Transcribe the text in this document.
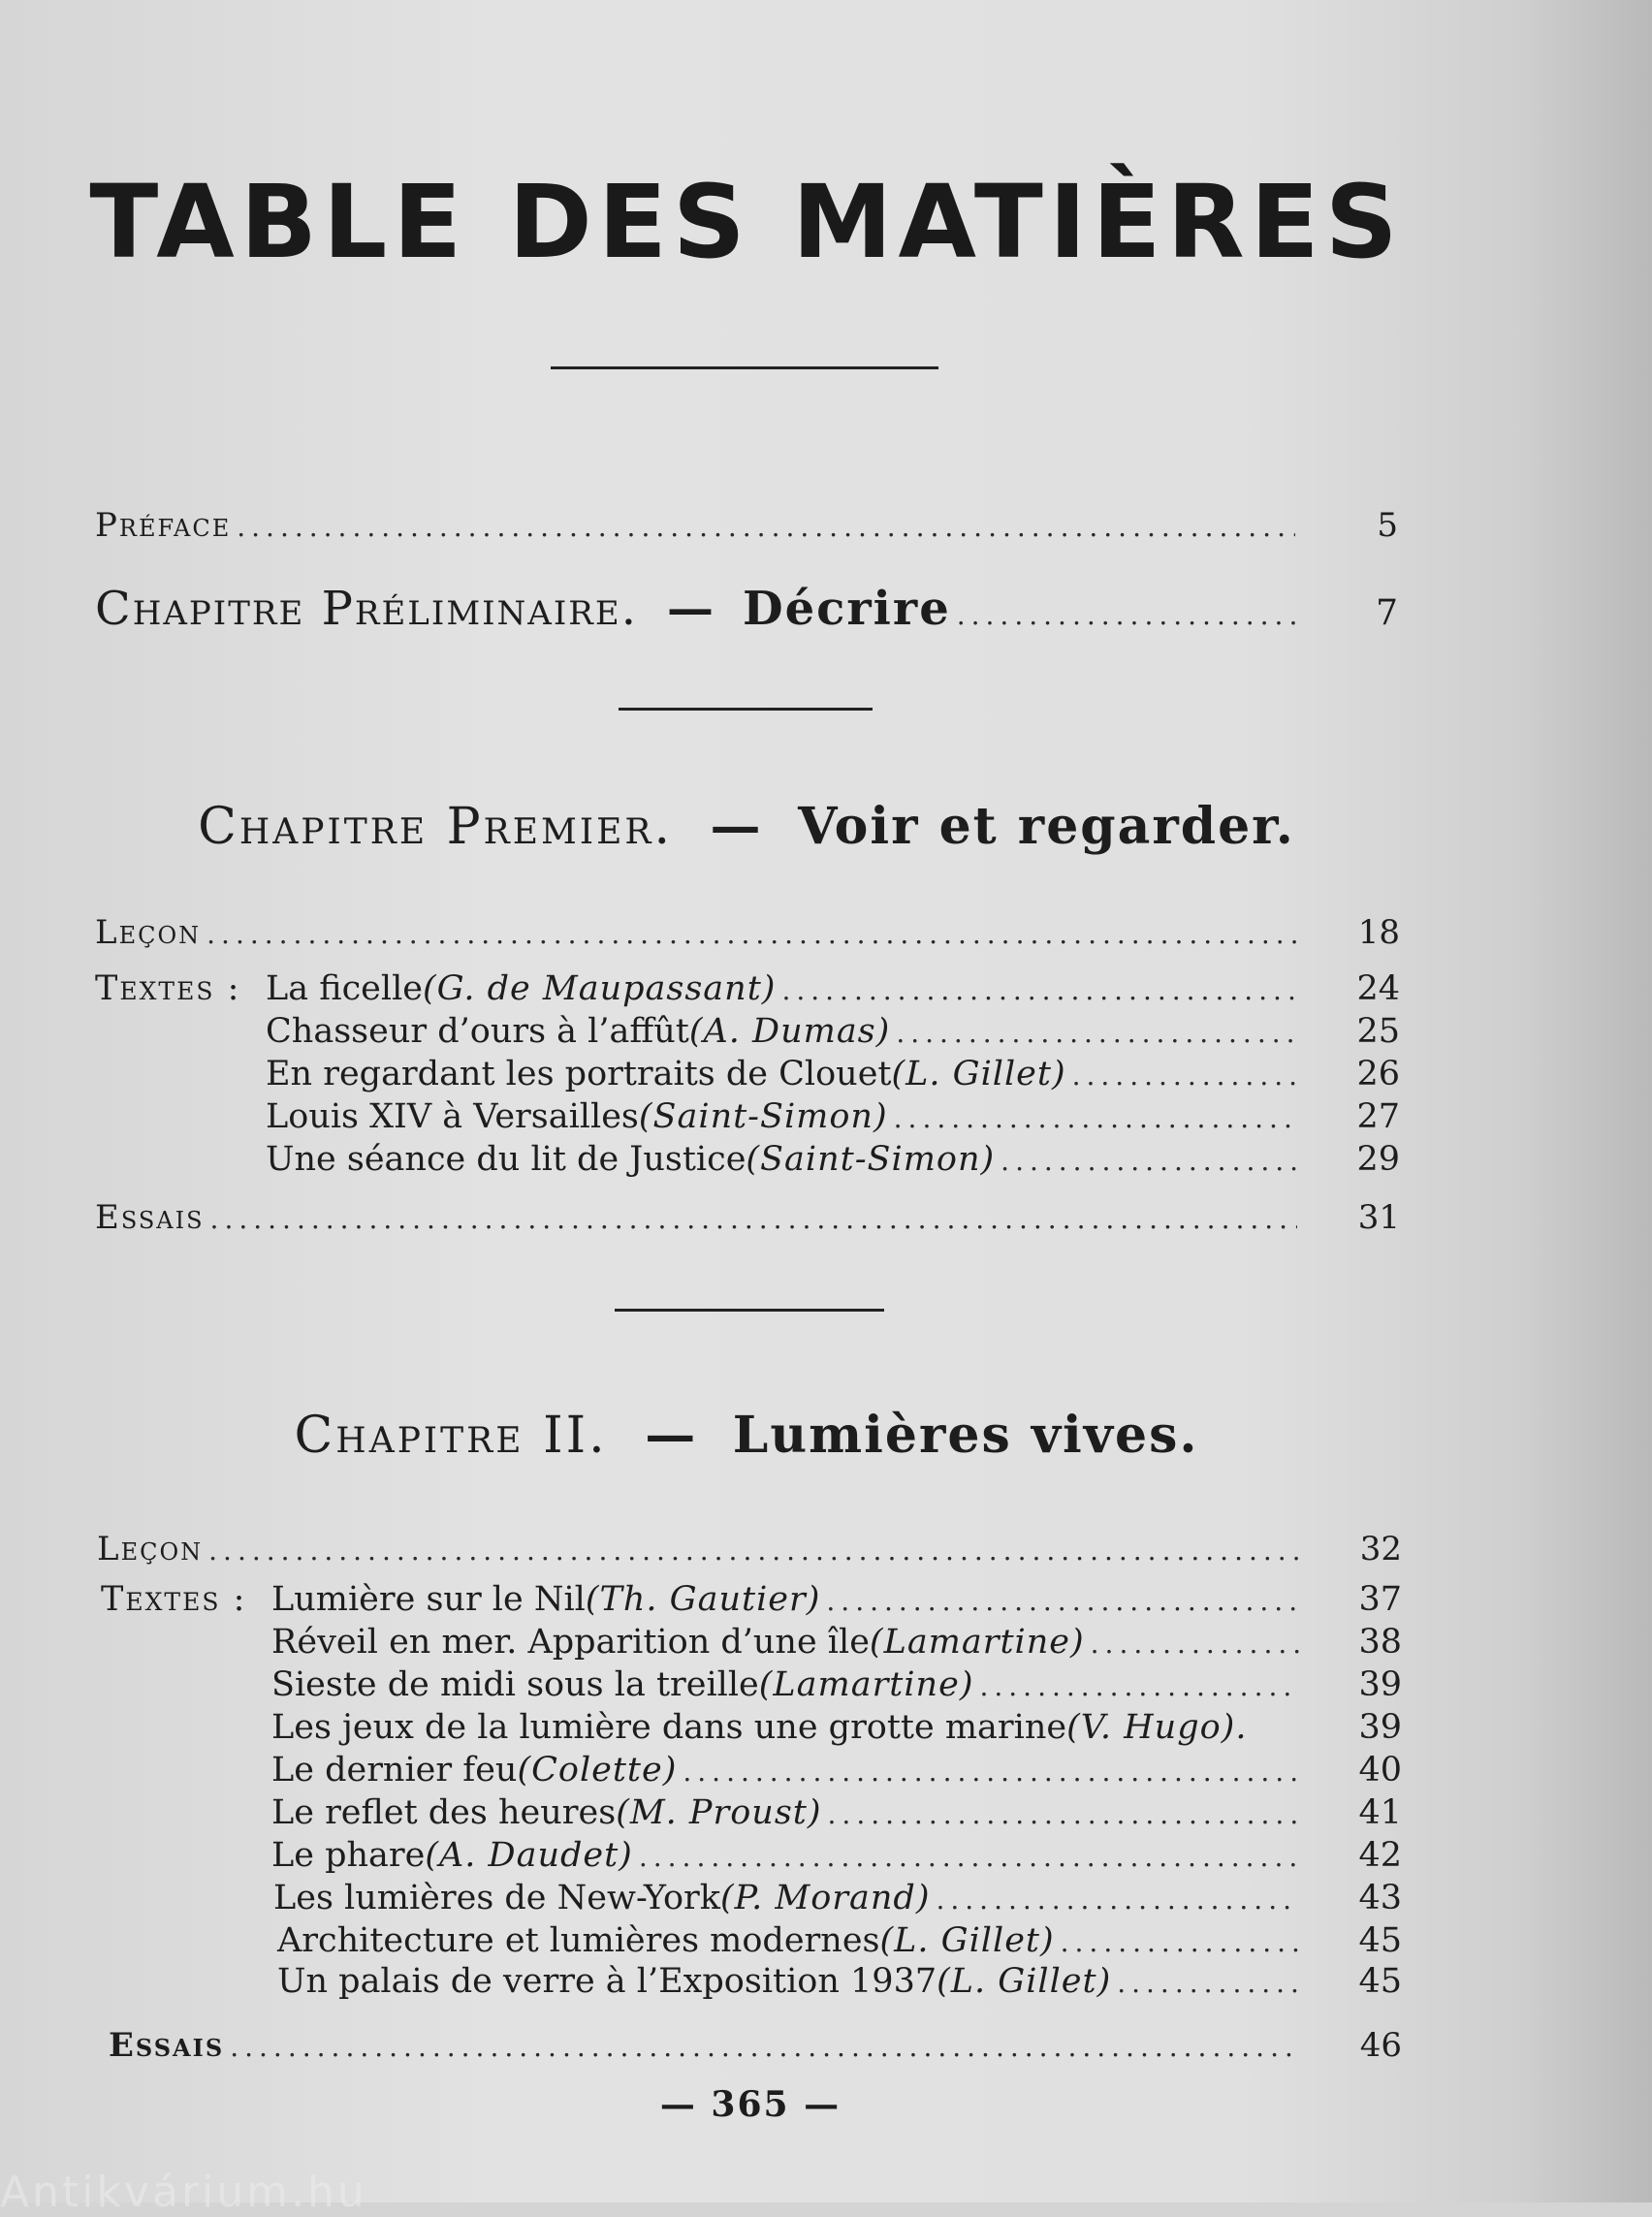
TABLE DES MATIÈRES
Préface .....	5
Chapitre Préliminaire. — Décrire .....	7
Chapitre Premier. — Voir et regarder.
Leçon .....	18
Textes : La ficelle (G. de Maupassant) .....	24
Chasseur d’ours à l’affût (A. Dumas) .....	25
En regardant les portraits de Clouet (L. Gillet) .....	26
Louis XIV à Versailles (Saint-Simon) .....	27
Une séance du lit de Justice (Saint-Simon) .....	29
Essais .....	31
Chapitre II. — Lumières vives.
Leçon .....	32
Textes : Lumière sur le Nil (Th. Gautier) .....	37
Réveil en mer. Apparition d’une île (Lamartine) .....	38
Sieste de midi sous la treille (Lamartine) .....	39
Les jeux de la lumière dans une grotte marine (V. Hugo).	39
Le dernier feu (Colette) .....	40
Le reflet des heures (M. Proust) .....	41
Le phare (A. Daudet) .....	42
Les lumières de New-York (P. Morand) .....	43
Architecture et lumières modernes (L. Gillet) .....	45
Un palais de verre à l’Exposition 1937 (L. Gillet) .....	45
Essais .....	46
— 365 —
Antikvárium.hu
